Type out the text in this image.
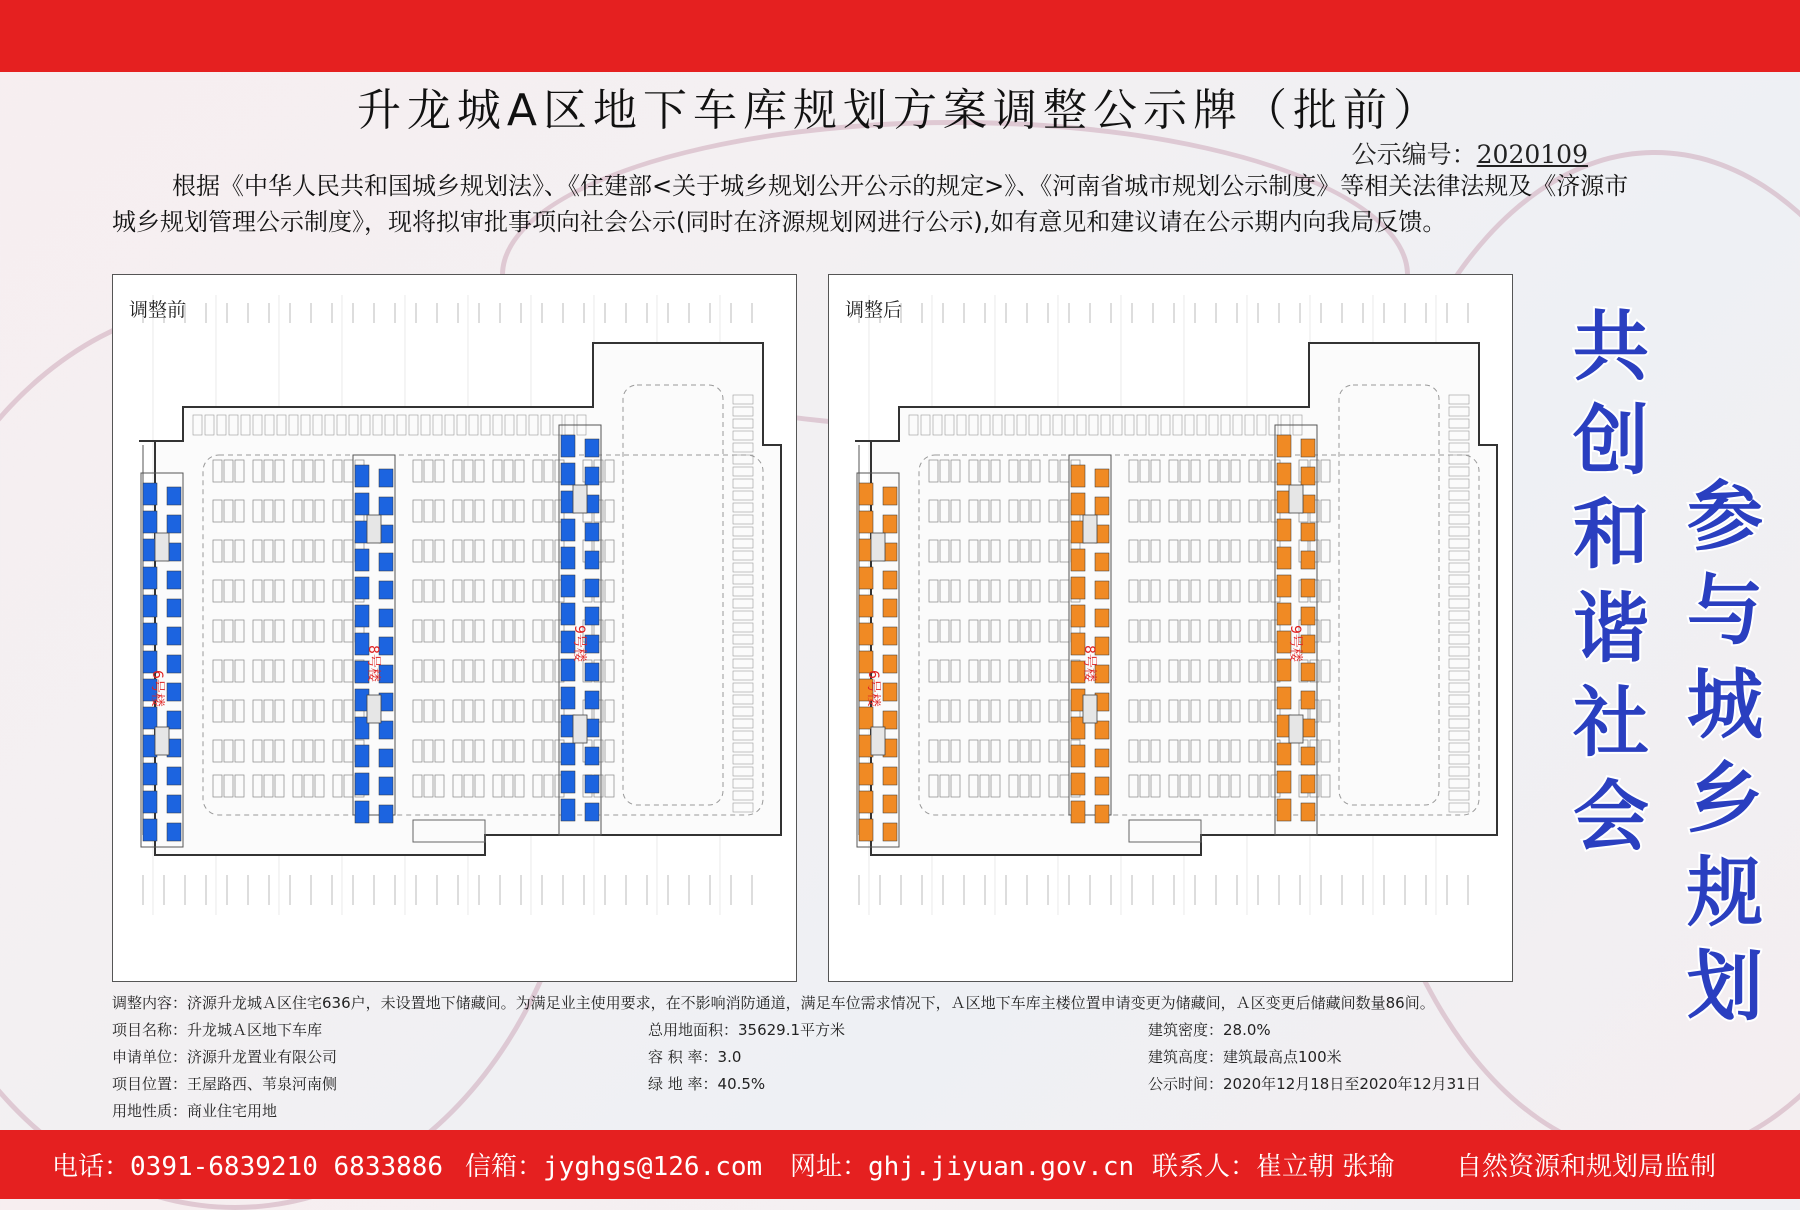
升龙城A区地下车库规划方案调整公示牌（批前）
公示编号：2020109
根据《中华人民共和国城乡规划法》、《住建部<关于城乡规划公开公示的规定>》、《河南省城市规划公示制度》等相关法律法规及《济源市城乡规划管理公示制度》，现将拟审批事项向社会公示(同时在济源规划网进行公示),如有意见和建议请在公示期内向我局反馈。
调整前
6号楼
8号楼
9号楼
调整后
6号楼
8号楼
9号楼
共
创
和
谐
社
会
参
与
城
乡
规
划
调整内容：济源升龙城Ａ区住宅636户，未设置地下储藏间。为满足业主使用要求，在不影响消防通道，满足车位需求情况下，Ａ区地下车库主楼位置申请变更为储藏间，Ａ区变更后储藏间数量86间。
项目名称：升龙城Ａ区地下车库
申请单位：济源升龙置业有限公司
项目位置：王屋路西、苇泉河南侧
用地性质：商业住宅用地
总用地面积：35629.1平方米
容 积 率：3.0
绿 地 率：40.5%
建筑密度：28.0%
建筑高度：建筑最高点100米
公示时间：2020年12月18日至2020年12月31日
电话：0391-6839210 6833886 信箱：jyghgs@126.com 网址：ghj.jiyuan.gov.cn 联系人：崔立朝 张瑜 自然资源和规划局监制
